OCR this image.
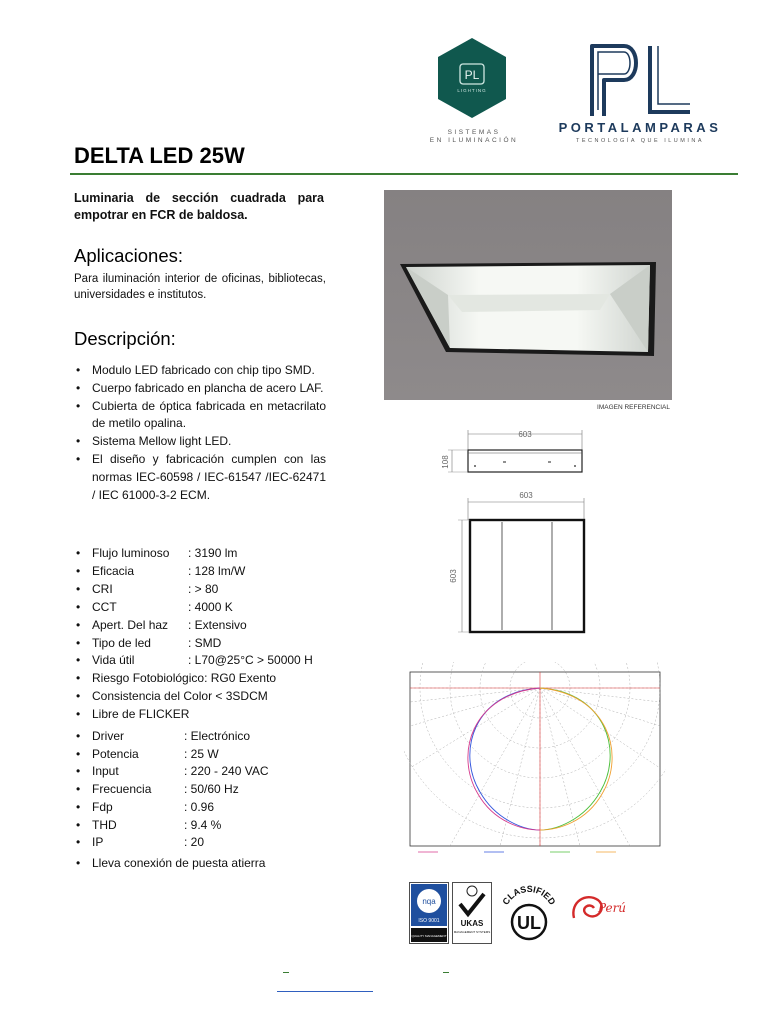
PL
LIGHTING
SISTEMAS
EN ILUMINACIÓN
PORTALAMPARAS
TECNOLOGÍA QUE ILUMINA
DELTA LED 25W
Luminaria de sección cuadrada para empotrar en FCR de baldosa.
Aplicaciones:
Para iluminación interior de oficinas, bibliotecas, universidades e institutos.
Descripción:
• Modulo LED fabricado con chip tipo SMD.
• Cuerpo fabricado en plancha de acero LAF.
• Cubierta de óptica fabricada en metacrilato de metilo opalina.
• Sistema Mellow light LED.
• El diseño y fabricación cumplen con las normas IEC-60598 / IEC-61547 /IEC-62471 / IEC 61000-3-2 ECM.
• Flujo luminoso : 3190 lm
• Eficacia	: 128 lm/W
• CRI	: > 80
• CCT	: 4000 K
• Apert. Del haz : Extensivo
• Tipo de led	: SMD
• Vida útil	: L70@25°C > 50000 H
• Riesgo Fotobiológico: RG0 Exento
• Consistencia del Color < 3SDCM
• Libre de FLICKER
• Driver	: Electrónico
• Potencia	: 25 W
• Input	: 220 - 240 VAC
• Frecuencia	: 50/60 Hz
• Fdp	: 0.96
• THD	: 9.4 %
• IP	: 20
• Lleva conexión de puesta atierra
IMAGEN REFERENCIAL
603
108
603
603
nqa
ISO 9001
QUALITY MANAGEMENT
UKAS
MANAGEMENT SYSTEMS
CLASSIFIED
UL
Perú
